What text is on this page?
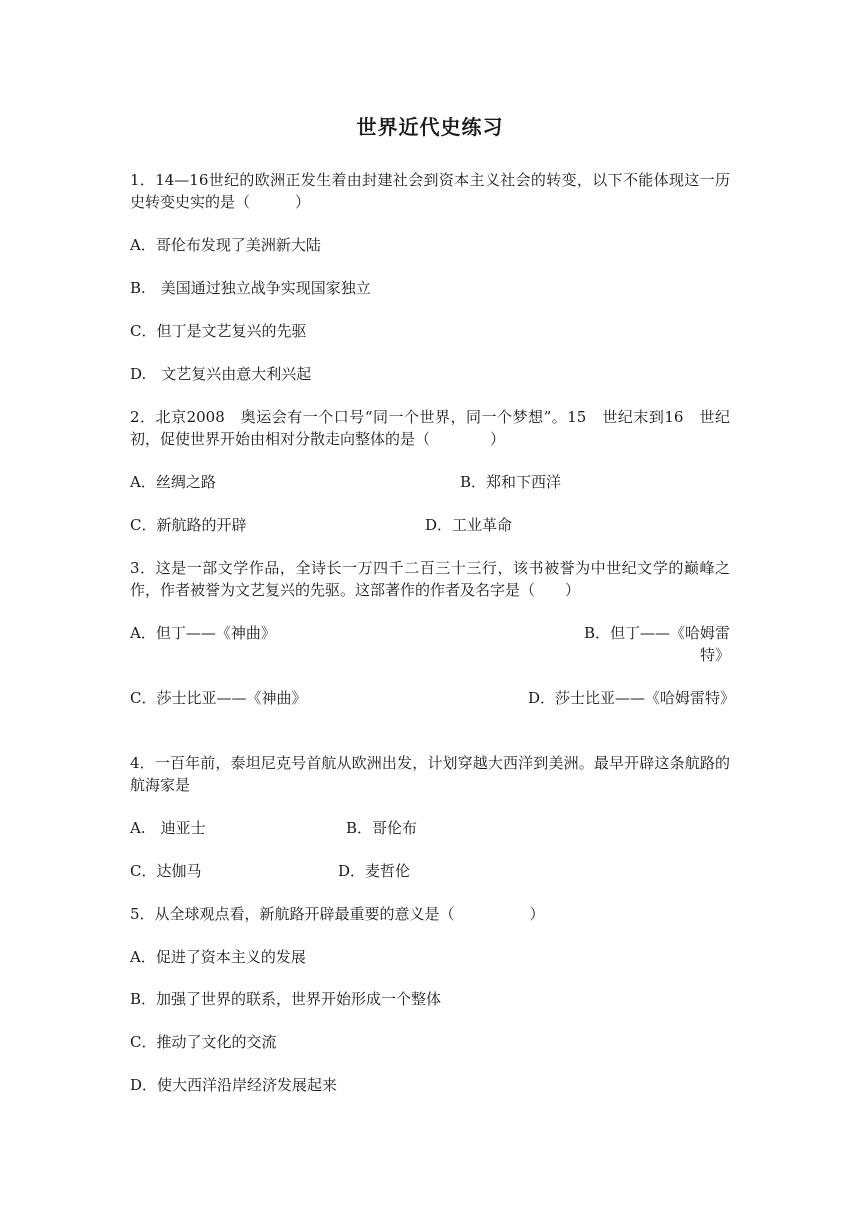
世界近代史练习
1．14—16世纪的欧洲正发生着由封建社会到资本主义社会的转变，以下不能体现这一历史转变史实的是（　　　）
A．哥伦布发现了美洲新大陆
B.　美国通过独立战争实现国家独立
C．但丁是文艺复兴的先驱
D.　文艺复兴由意大利兴起
2．北京2008　奥运会有一个口号“同一个世界，同一个梦想”。15　世纪末到16　世纪初，促使世界开始由相对分散走向整体的是（　　　　）
A．丝绸之路	B．郑和下西洋
C．新航路的开辟	D．工业革命
3．这是一部文学作品，全诗长一万四千二百三十三行，该书被誉为中世纪文学的巅峰之作，作者被誉为文艺复兴的先驱。这部著作的作者及名字是（　　）
A．但丁——《神曲》	B．但丁——《哈姆雷特》
C．莎士比亚——《神曲》	D．莎士比亚——《哈姆雷特》
4．一百年前，泰坦尼克号首航从欧洲出发，计划穿越大西洋到美洲。最早开辟这条航路的航海家是
A.　迪亚士	B．哥伦布
C．达伽马	D．麦哲伦
5．从全球观点看，新航路开辟最重要的意义是（　　　　　）
A．促进了资本主义的发展
B．加强了世界的联系，世界开始形成一个整体
C．推动了文化的交流
D．使大西洋沿岸经济发展起来
